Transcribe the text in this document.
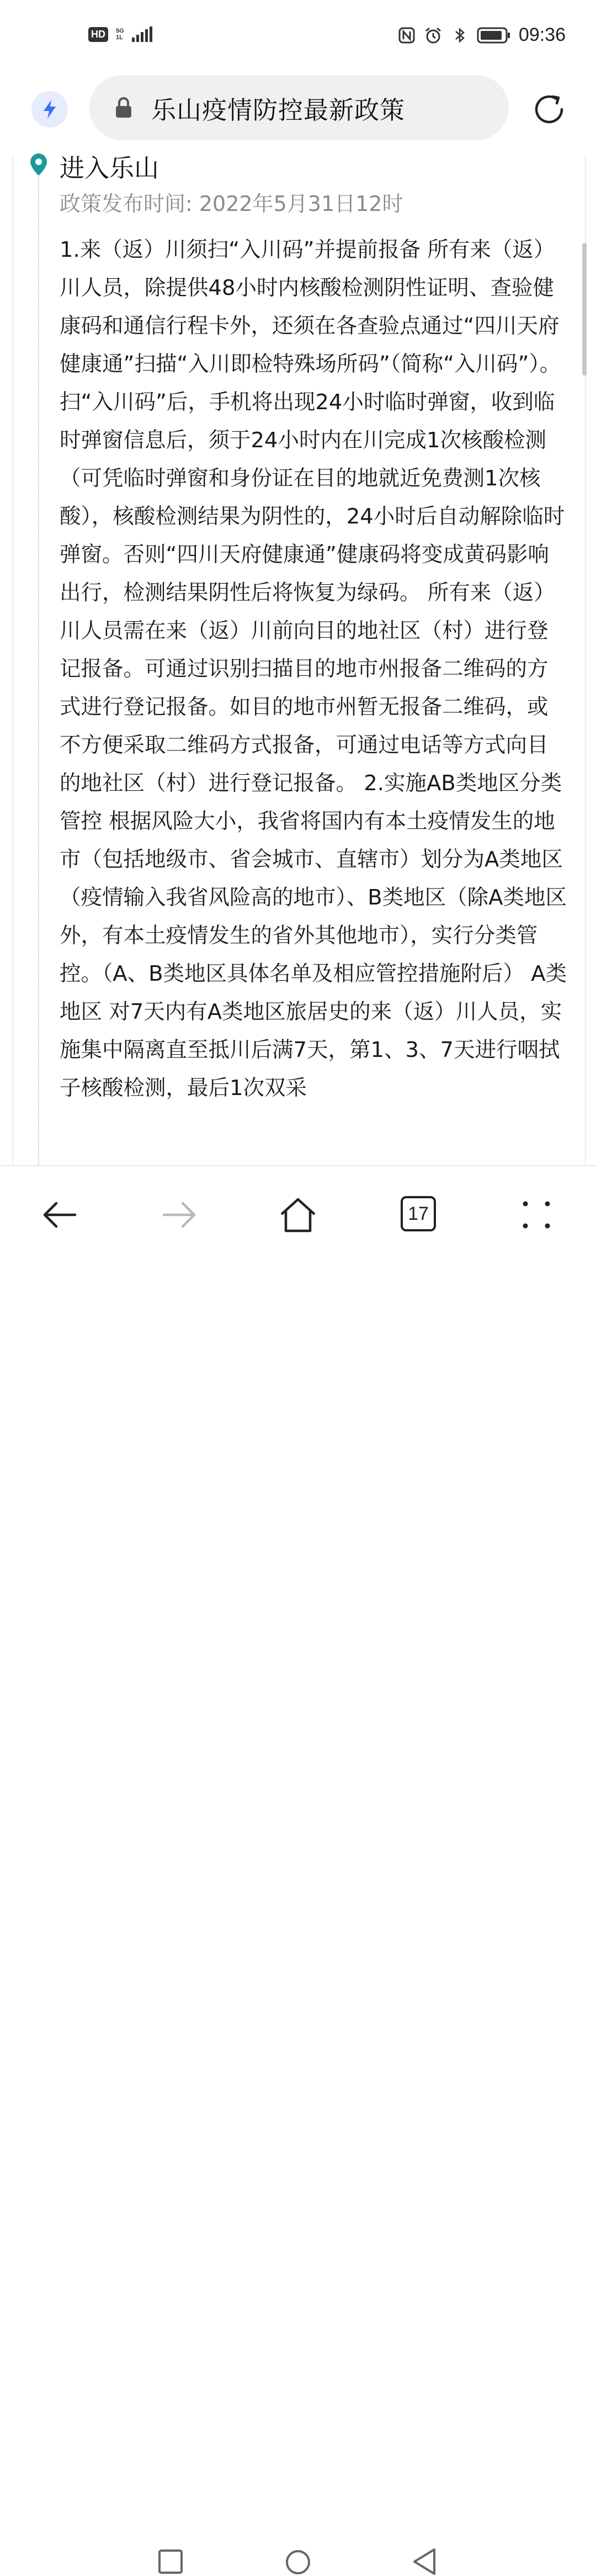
HD	5G
1L	09:36
乐山疫情防控最新政策
进入乐山
政策发布时间: 2022年5月31日12时

1.来（返）川须扫“入川码”并提前报备 所有来（返）川人员，除提供48小时内核酸检测阴性证明、查验健康码和通信行程卡外，还须在各查验点通过“四川天府健康通”扫描“入川即检特殊场所码”（简称“入川码”）。 扫“入川码”后，手机将出现24小时临时弹窗，收到临时弹窗信息后，须于24小时内在川完成1次核酸检测（可凭临时弹窗和身份证在目的地就近免费测1次核酸），核酸检测结果为阴性的，24小时后自动解除临时弹窗。否则“四川天府健康通”健康码将变成黄码影响出行，检测结果阴性后将恢复为绿码。 所有来（返）川人员需在来（返）川前向目的地社区（村）进行登记报备。可通过识别扫描目的地市州报备二维码的方式进行登记报备。如目的地市州暂无报备二维码，或不方便采取二维码方式报备，可通过电话等方式向目的地社区（村）进行登记报备。 2.实施AB类地区分类管控 根据风险大小，我省将国内有本土疫情发生的地市（包括地级市、省会城市、直辖市）划分为A类地区（疫情输入我省风险高的地市）、B类地区（除A类地区外，有本土疫情发生的省外其他地市），实行分类管控。（A、B类地区具体名单及相应管控措施附后） A类地区 对7天内有A类地区旅居史的来（返）川人员，实施集中隔离直至抵川后满7天，第1、3、7天进行咽拭子核酸检测，最后1次双采

17
